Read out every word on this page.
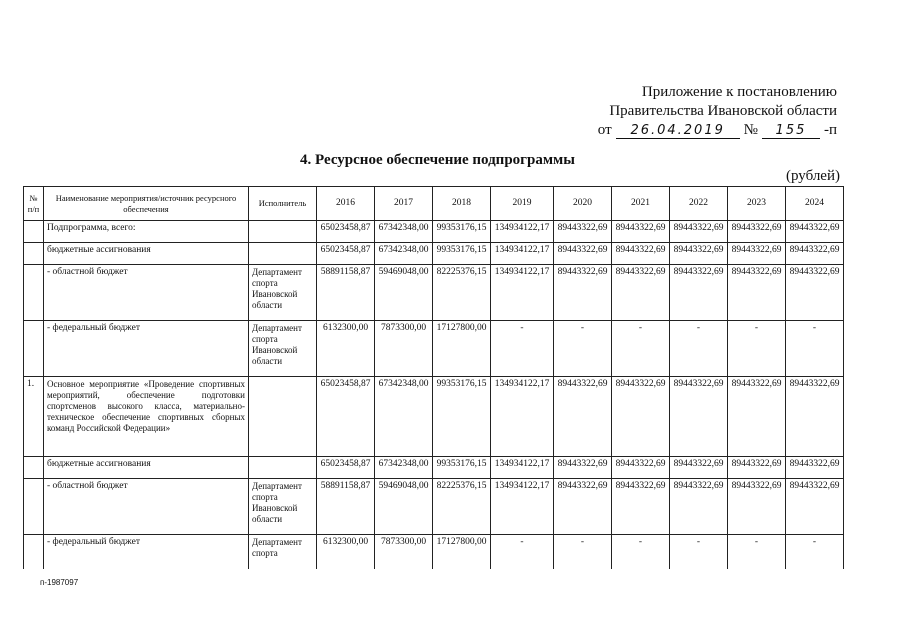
Приложение к постановлению
Правительства Ивановской области
от	26.04.2019	№	155	-п
4. Ресурсное обеспечение подпрограммы
(рублей)
№
п/п	Наименование мероприятия/источник ресурсного обеспечения	Исполнитель	2016	2017	2018	2019	2020	2021	2022	2023	2024
	Подпрограмма, всего:		65023458,87	67342348,00	99353176,15	134934122,17	89443322,69	89443322,69	89443322,69	89443322,69	89443322,69
	бюджетные ассигнования		65023458,87	67342348,00	99353176,15	134934122,17	89443322,69	89443322,69	89443322,69	89443322,69	89443322,69
	- областной бюджет	Департамент спорта Ивановской области	58891158,87	59469048,00	82225376,15	134934122,17	89443322,69	89443322,69	89443322,69	89443322,69	89443322,69
	- федеральный бюджет	Департамент спорта Ивановской области	6132300,00	7873300,00	17127800,00	-	-	-	-	-	-
1.	Основное мероприятие «Проведение спортивных мероприятий, обеспечение подготовки спортсменов высокого класса, материально-техническое обеспечение спортивных сборных команд Российской Федерации»		65023458,87	67342348,00	99353176,15	134934122,17	89443322,69	89443322,69	89443322,69	89443322,69	89443322,69
	бюджетные ассигнования		65023458,87	67342348,00	99353176,15	134934122,17	89443322,69	89443322,69	89443322,69	89443322,69	89443322,69
	- областной бюджет	Департамент спорта Ивановской области	58891158,87	59469048,00	82225376,15	134934122,17	89443322,69	89443322,69	89443322,69	89443322,69	89443322,69
	- федеральный бюджет	Департамент спорта	6132300,00	7873300,00	17127800,00	-	-	-	-	-	-
п-1987097
